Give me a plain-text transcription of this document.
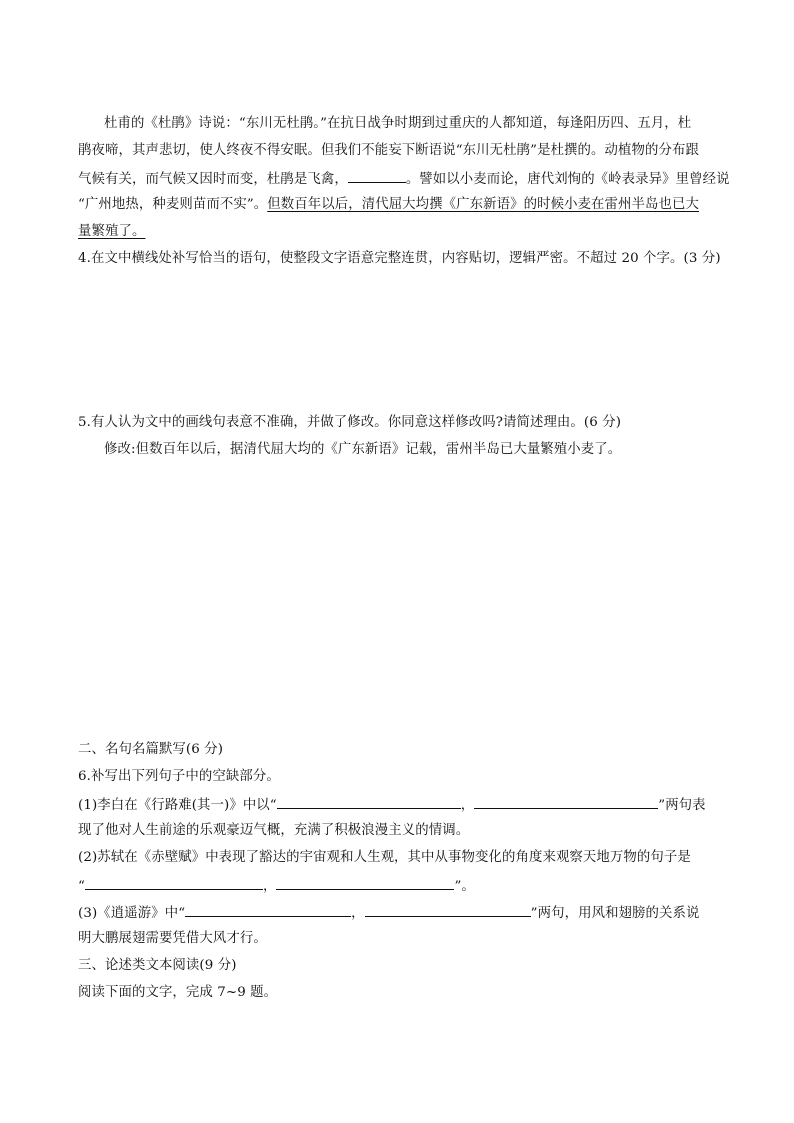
杜甫的《杜鹃》诗说：“东川无杜鹃。”在抗日战争时期到过重庆的人都知道，每逢阳历四、五月，杜
鹃夜啼，其声悲切，使人终夜不得安眠。但我们不能妄下断语说“东川无杜鹃”是杜撰的。动植物的分布跟
气候有关，而气候又因时而变，杜鹃是飞禽，	。譬如以小麦而论，唐代刘恂的《岭表录异》里曾经说
“广州地热，种麦则苗而不实”。但数百年以后，清代屈大均撰《广东新语》的时候小麦在雷州半岛也已大
量繁殖了。
4.在文中横线处补写恰当的语句，使整段文字语意完整连贯，内容贴切，逻辑严密。不超过 20 个字。(3 分)
5.有人认为文中的画线句表意不准确，并做了修改。你同意这样修改吗?请简述理由。(6 分)
修改:但数百年以后，据清代屈大均的《广东新语》记载，雷州半岛已大量繁殖小麦了。
二、名句名篇默写(6 分)
6.补写出下列句子中的空缺部分。
(1)李白在《行路难(其一)》中以“	，	”两句表
现了他对人生前途的乐观豪迈气概，充满了积极浪漫主义的情调。
(2)苏轼在《赤壁赋》中表现了豁达的宇宙观和人生观，其中从事物变化的角度来观察天地万物的句子是
“	，	”。
(3)《逍遥游》中“	，	”两句，用风和翅膀的关系说
明大鹏展翅需要凭借大风才行。
三、论述类文本阅读(9 分)
阅读下面的文字，完成 7~9 题。
